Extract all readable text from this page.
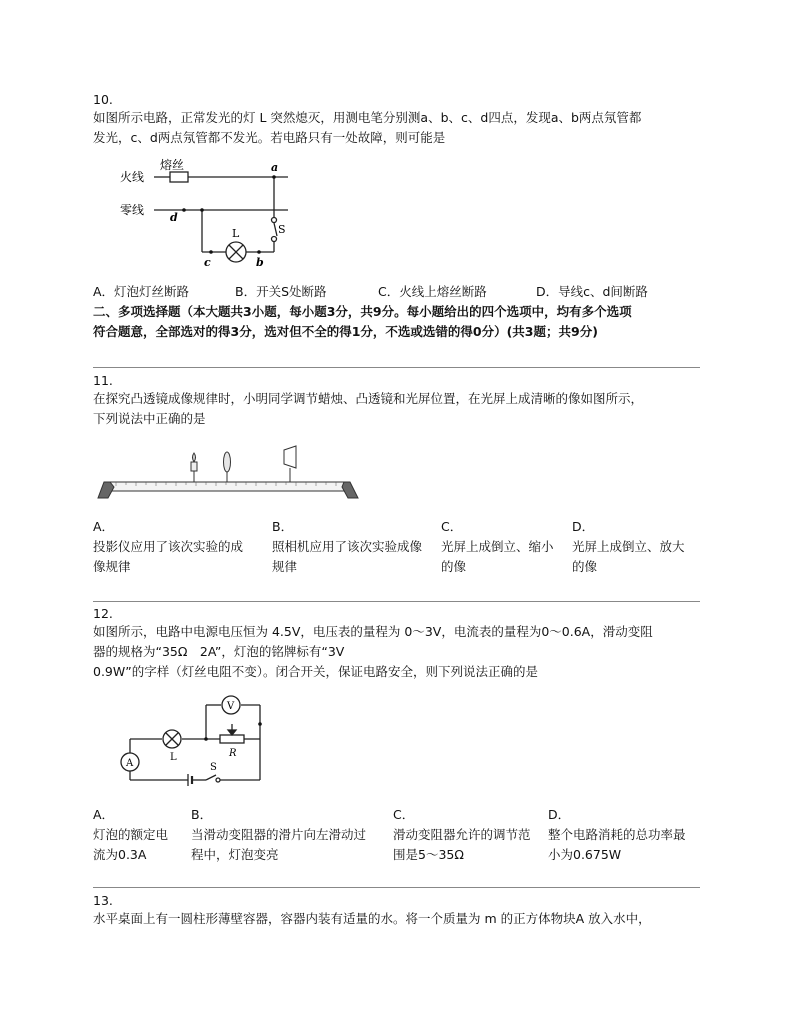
10.
如图所示电路，正常发光的灯 L 突然熄灭，用测电笔分别测a、b、c、d四点，发现a、b两点氖管都
发光，c、d两点氖管都不发光。若电路只有一处故障，则可能是
火线
熔丝
零线
a
d
c	b
L	S
A．灯泡灯丝断路	B．开关S处断路	C．火线上熔丝断路	D．导线c、d间断路
二、多项选择题（本大题共3小题，每小题3分，共9分。每小题给出的四个选项中，均有多个选项
符合题意，全部选对的得3分，选对但不全的得1分，不选或选错的得0分）(共3题；共9分)
11.
在探究凸透镜成像规律时，小明同学调节蜡烛、凸透镜和光屏位置，在光屏上成清晰的像如图所示，
下列说法中正确的是
A．
投影仪应用了该次实验的成
像规律
B．
照相机应用了该次实验成像
规律
C．
光屏上成倒立、缩小
的像
D．
光屏上成倒立、放大
的像
12.
如图所示，电路中电源电压恒为 4.5V，电压表的量程为 0～3V，电流表的量程为0～0.6A，滑动变阻
器的规格为“35Ω　2A”，灯泡的铭牌标有“3V
0.9W”的字样（灯丝电阻不变）。闭合开关，保证电路安全，则下列说法正确的是
V
A
L	R
S
A．
灯泡的额定电
流为0.3A
B．
当滑动变阻器的滑片向左滑动过
程中，灯泡变亮
C．
滑动变阻器允许的调节范
围是5～35Ω
D．
整个电路消耗的总功率最
小为0.675W
13.
水平桌面上有一圆柱形薄壁容器，容器内装有适量的水。将一个质量为 m 的正方体物块A 放入水中，
